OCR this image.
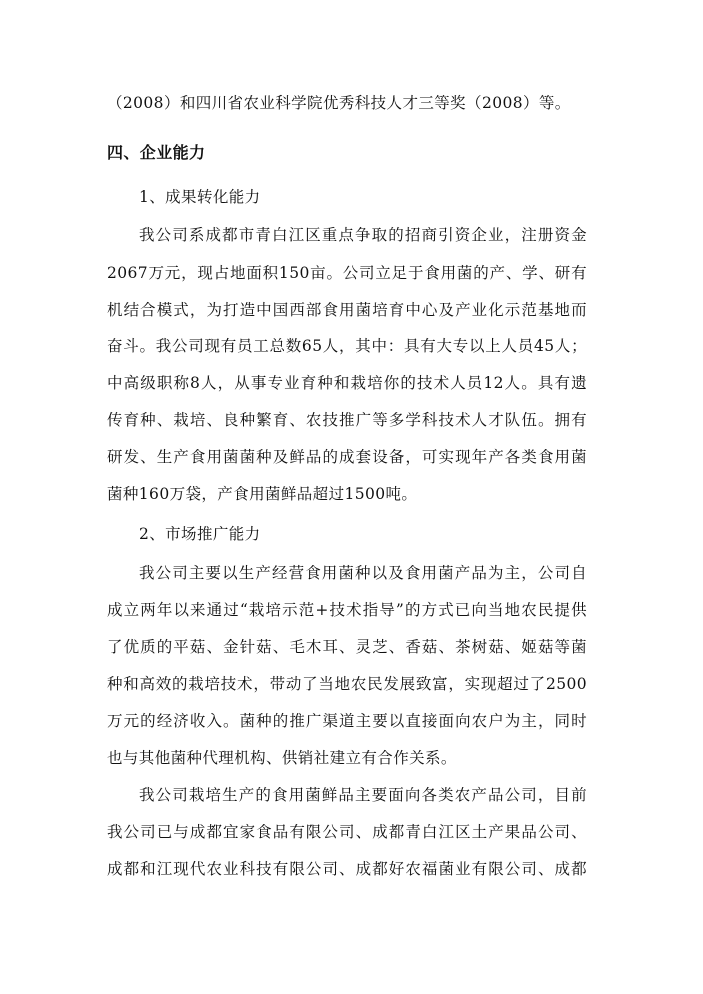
（2008）和四川省农业科学院优秀科技人才三等奖（2008）等。
四、企业能力
1、成果转化能力
我公司系成都市青白江区重点争取的招商引资企业，注册资金
2067万元，现占地面积150亩。公司立足于食用菌的产、学、研有
机结合模式，为打造中国西部食用菌培育中心及产业化示范基地而
奋斗。我公司现有员工总数65人，其中：具有大专以上人员45人；
中高级职称8人，从事专业育种和栽培你的技术人员12人。具有遗
传育种、栽培、良种繁育、农技推广等多学科技术人才队伍。拥有
研发、生产食用菌菌种及鲜品的成套设备，可实现年产各类食用菌
菌种160万袋，产食用菌鲜品超过1500吨。
2、市场推广能力
我公司主要以生产经营食用菌种以及食用菌产品为主，公司自
成立两年以来通过“栽培示范+技术指导”的方式已向当地农民提供
了优质的平菇、金针菇、毛木耳、灵芝、香菇、茶树菇、姬菇等菌
种和高效的栽培技术，带动了当地农民发展致富，实现超过了2500
万元的经济收入。菌种的推广渠道主要以直接面向农户为主，同时
也与其他菌种代理机构、供销社建立有合作关系。
我公司栽培生产的食用菌鲜品主要面向各类农产品公司，目前
我公司已与成都宜家食品有限公司、成都青白江区土产果品公司、
成都和江现代农业科技有限公司、成都好农福菌业有限公司、成都
